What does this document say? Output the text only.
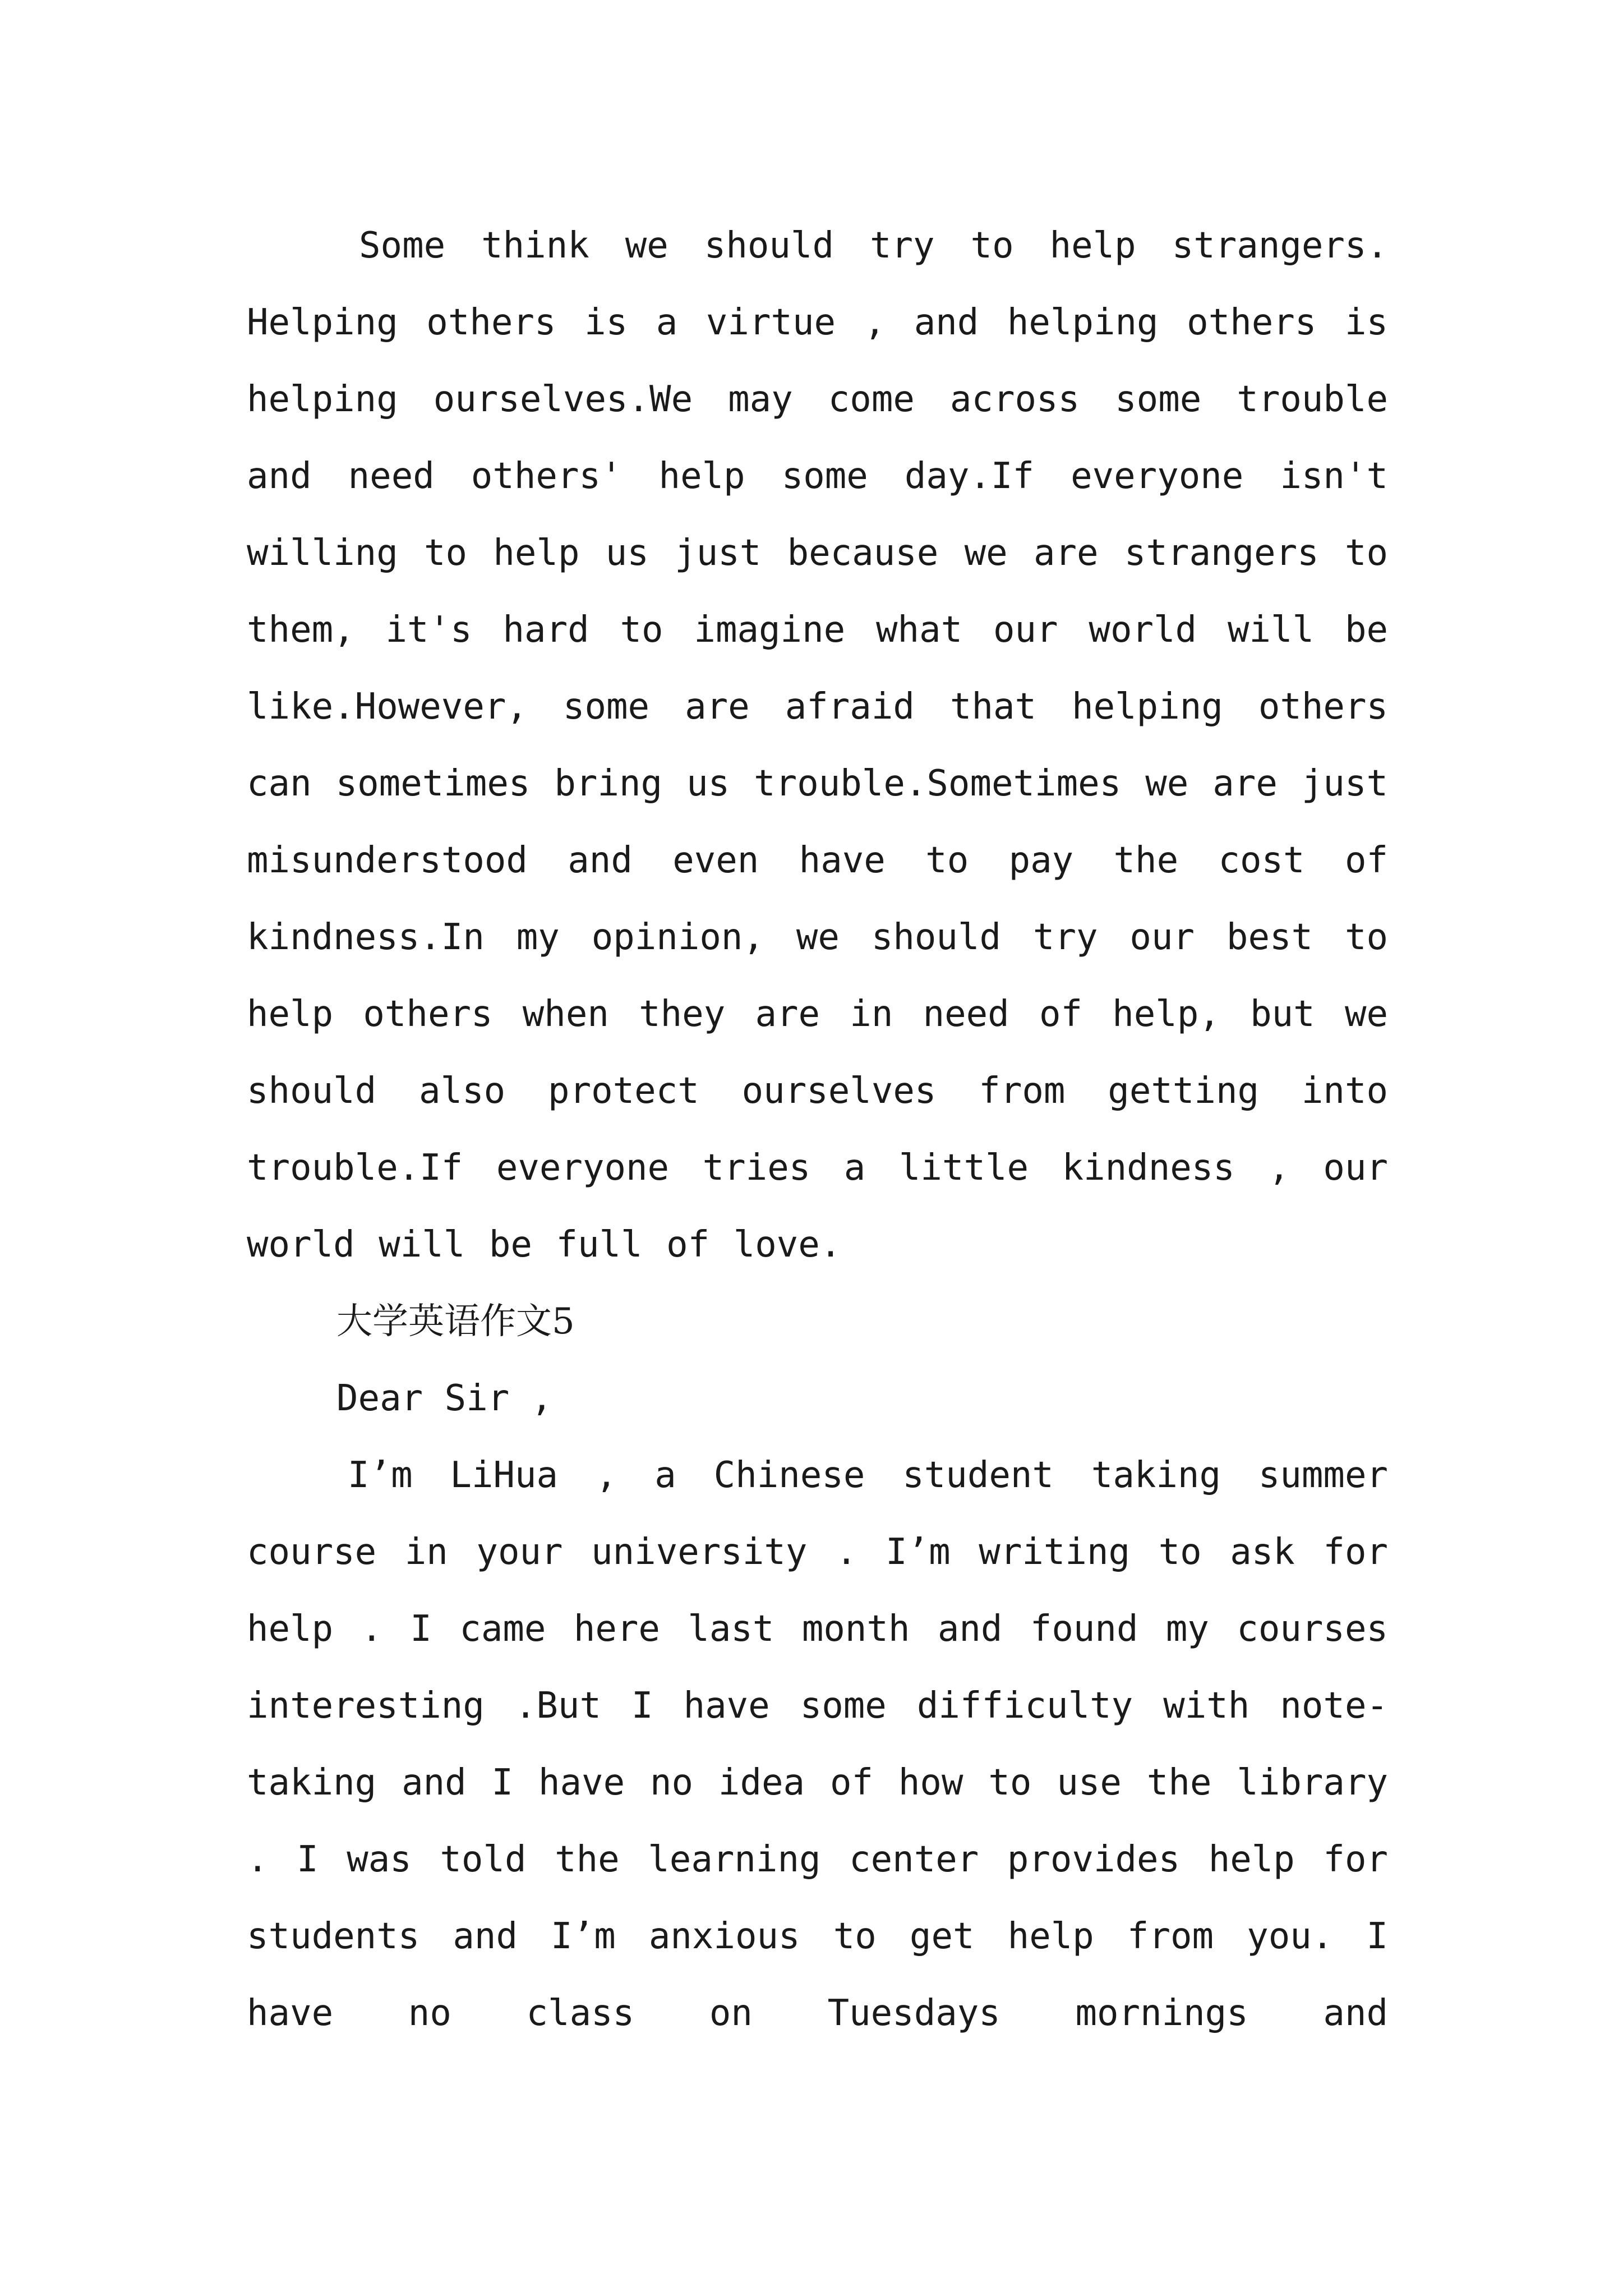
Some think we should try to help strangers. Helping others is a virtue , and helping others is helping ourselves.We may come across some trouble and need others' help some day.If everyone isn't willing to help us just because we are strangers to them, it's hard to imagine what our world will be like.However, some are afraid that helping others can sometimes bring us trouble.Sometimes we are just misunderstood and even have to pay the cost of kindness.In my opinion, we should try our best to help others when they are in need of help, but we should also protect ourselves from getting into trouble.If everyone tries a little kindness , our world will be full of love.

大学英语作文5

Dear Sir ,

I’m LiHua , a Chinese student taking summer course in your university . I’m writing to ask for help . I came here last month and found my courses interesting .But I have some difficulty with note-taking and I have no idea of how to use the library . I was told the learning center provides help for students and I’m anxious to get help from you. I have no class on Tuesdays mornings and
